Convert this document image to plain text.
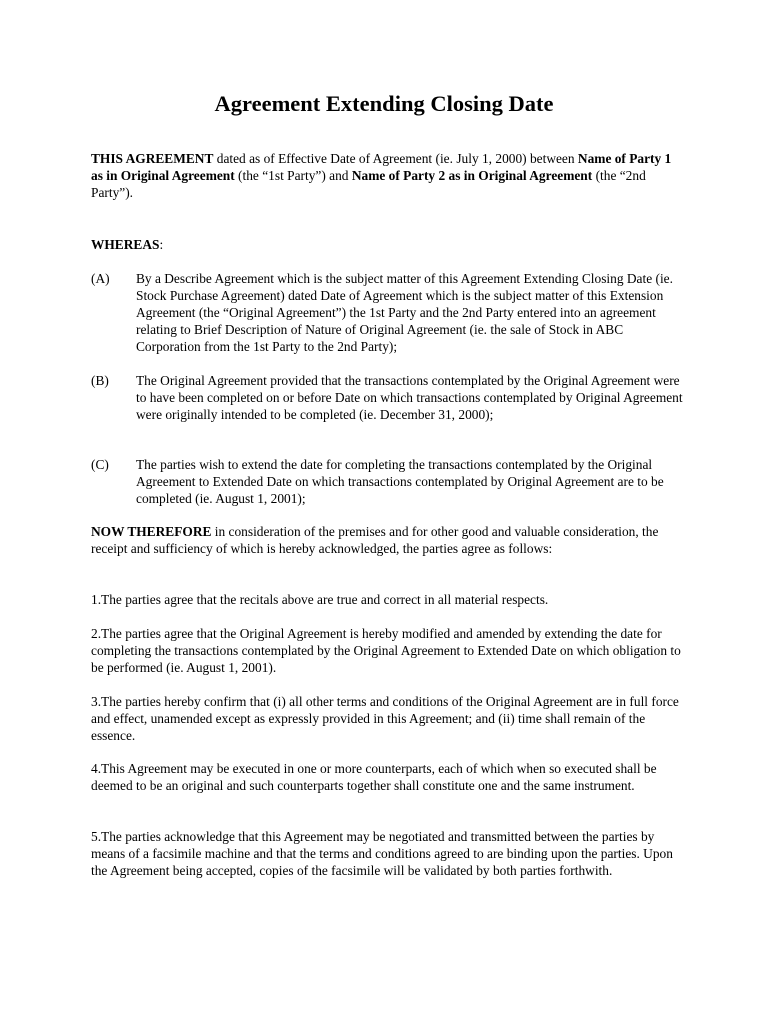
Agreement Extending Closing Date

THIS AGREEMENT dated as of Effective Date of Agreement (ie. July 1, 2000) between Name of Party 1 as in Original Agreement (the “1st Party”) and Name of Party 2 as in Original Agreement (the “2nd Party”).

WHEREAS:

(A) By a Describe Agreement which is the subject matter of this Agreement Extending Closing Date (ie. Stock Purchase Agreement) dated Date of Agreement which is the subject matter of this Extension Agreement (the “Original Agreement”) the 1st Party and the 2nd Party entered into an agreement relating to Brief Description of Nature of Original Agreement (ie. the sale of Stock in ABC Corporation from the 1st Party to the 2nd Party);

(B) The Original Agreement provided that the transactions contemplated by the Original Agreement were to have been completed on or before Date on which transactions contemplated by Original Agreement were originally intended to be completed (ie. December 31, 2000);

(C) The parties wish to extend the date for completing the transactions contemplated by the Original Agreement to Extended Date on which transactions contemplated by Original Agreement are to be completed (ie. August 1, 2001);

NOW THEREFORE in consideration of the premises and for other good and valuable consideration, the receipt and sufficiency of which is hereby acknowledged, the parties agree as follows:

1.The parties agree that the recitals above are true and correct in all material respects.

2.The parties agree that the Original Agreement is hereby modified and amended by extending the date for completing the transactions contemplated by the Original Agreement to Extended Date on which obligation to be performed (ie. August 1, 2001).

3.The parties hereby confirm that (i) all other terms and conditions of the Original Agreement are in full force and effect, unamended except as expressly provided in this Agreement; and (ii) time shall remain of the essence.

4.This Agreement may be executed in one or more counterparts, each of which when so executed shall be deemed to be an original and such counterparts together shall constitute one and the same instrument.

5.The parties acknowledge that this Agreement may be negotiated and transmitted between the parties by means of a facsimile machine and that the terms and conditions agreed to are binding upon the parties. Upon the Agreement being accepted, copies of the facsimile will be validated by both parties forthwith.
